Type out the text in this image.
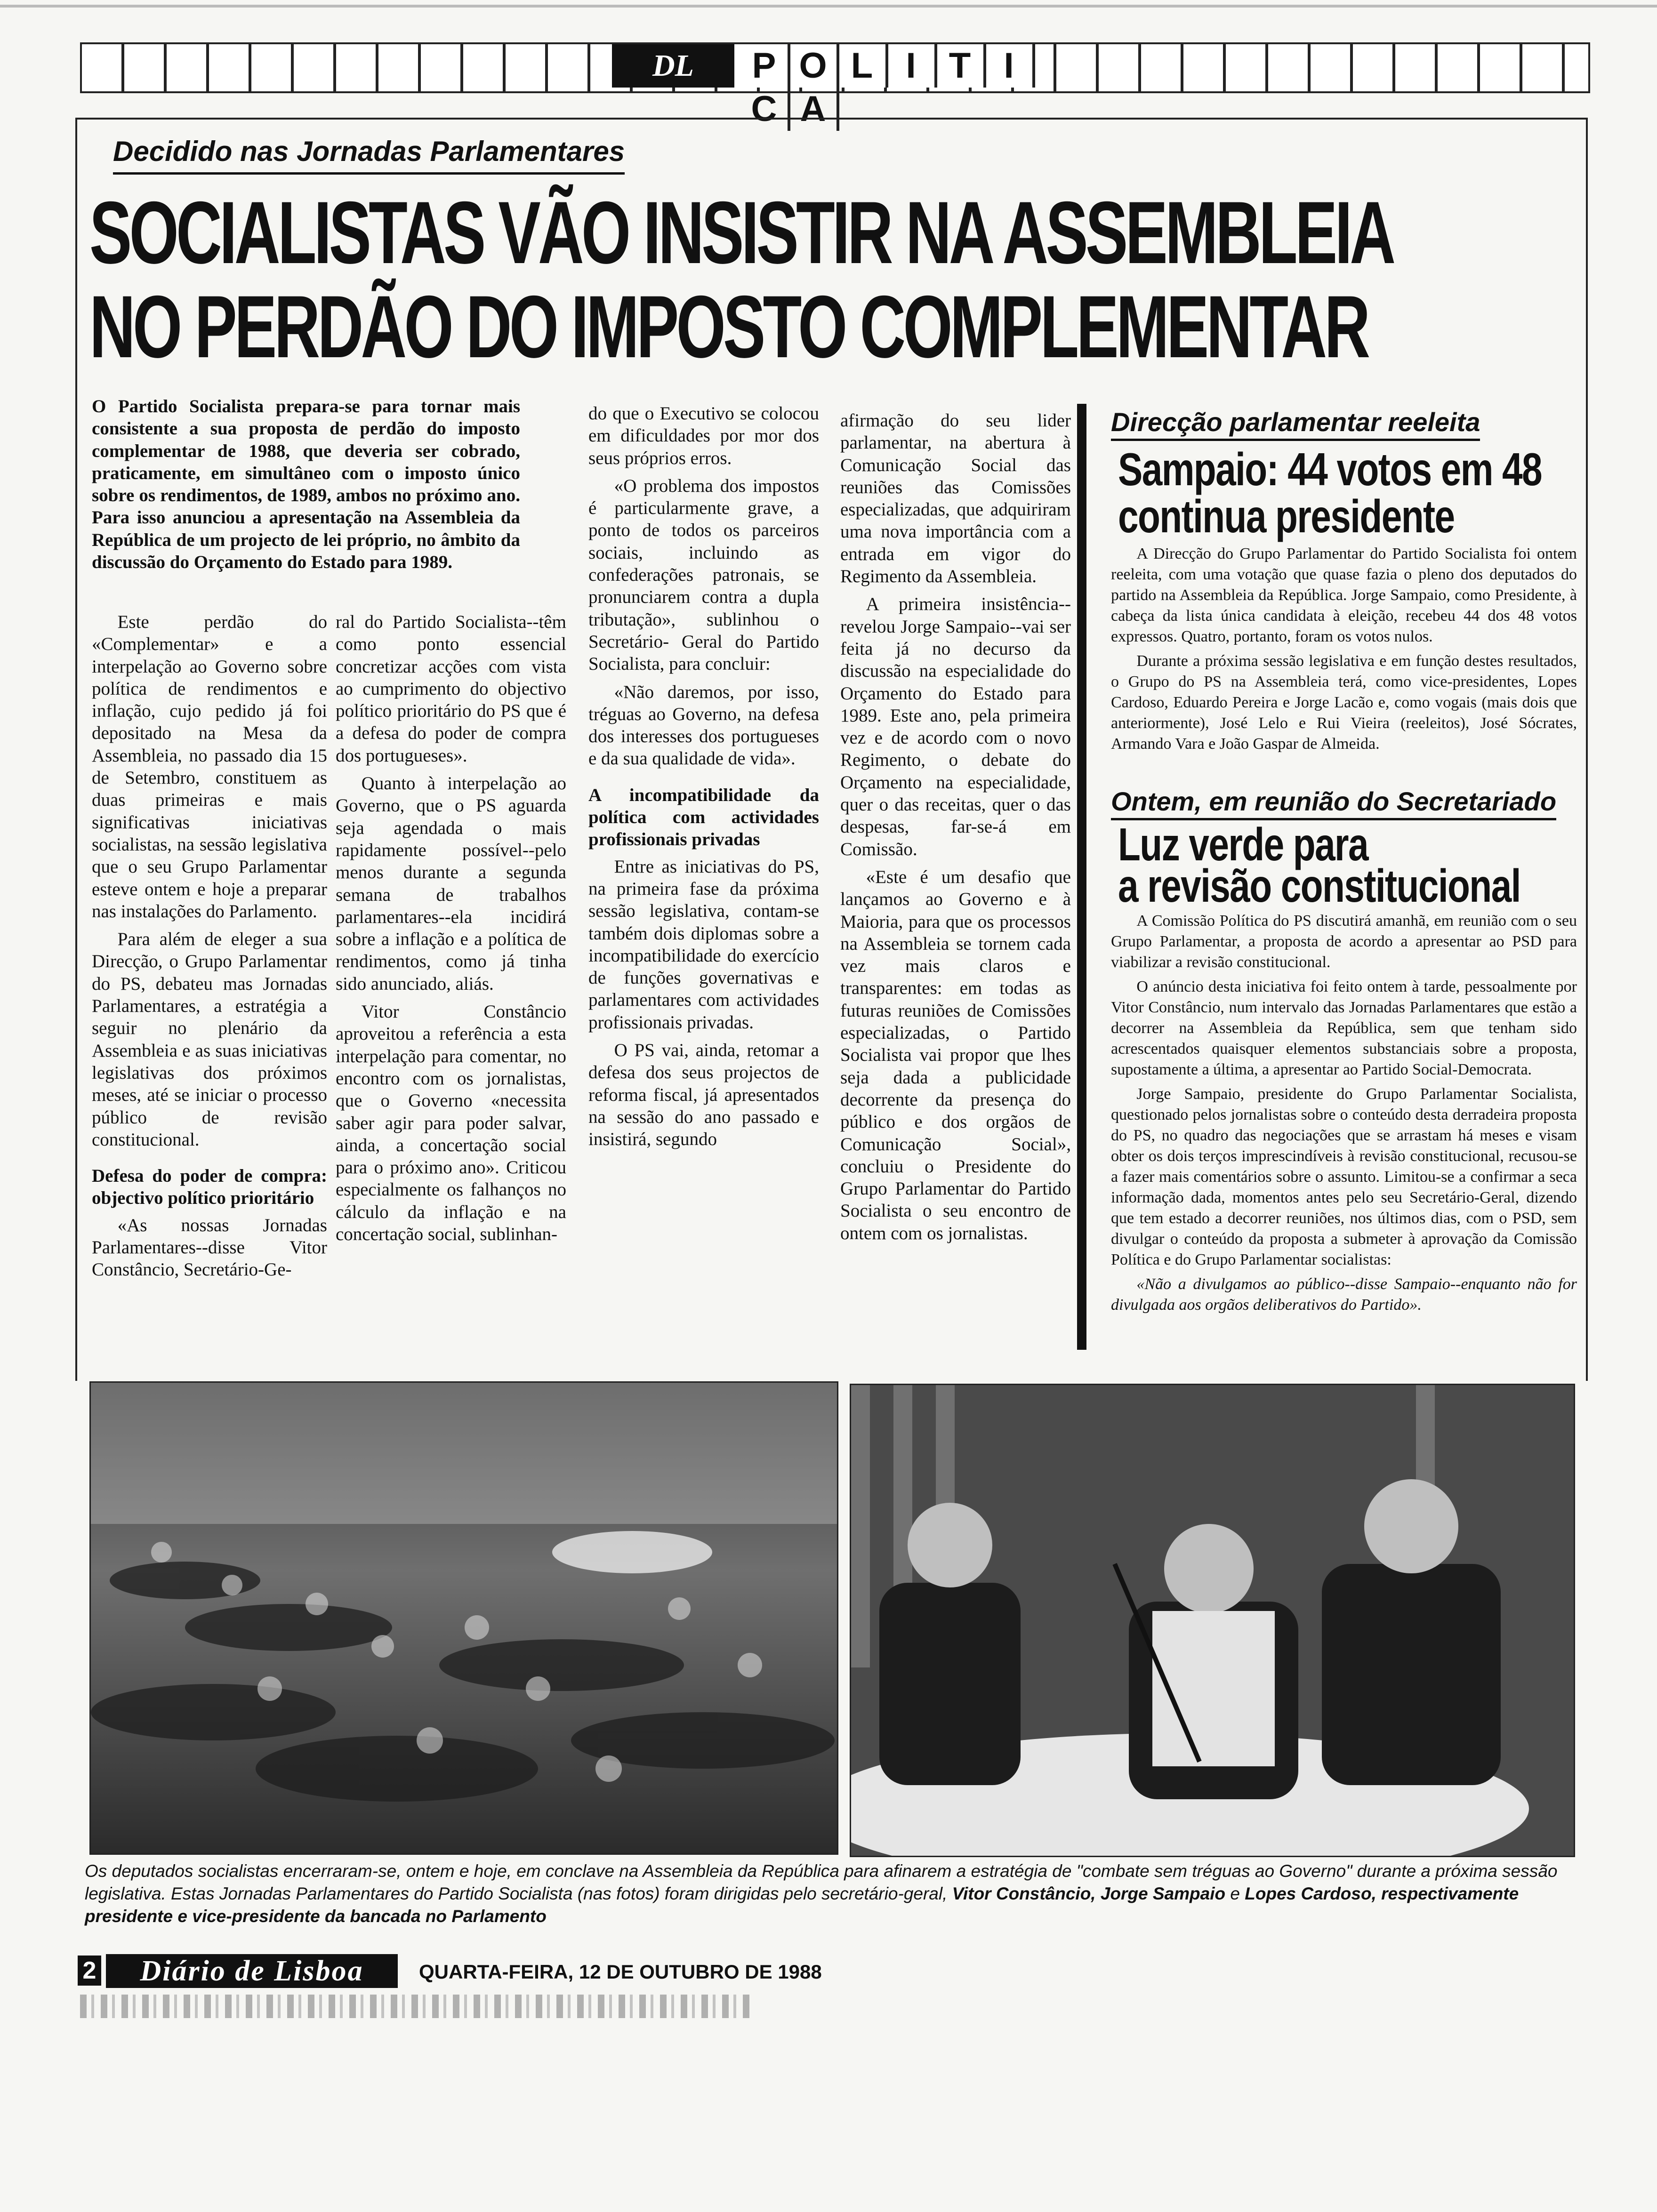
DL	P O L I T IC A
Decidido nas Jornadas Parlamentares
SOCIALISTAS VÃO INSISTIR NA ASSEMBLEIA
NO PERDÃO DO IMPOSTO COMPLEMENTAR

O Partido Socialista prepara-se para tornar mais consistente a sua proposta de perdão do imposto complementar de 1988, que deveria ser cobrado, praticamente, em simultâneo com o imposto único sobre os rendimentos, de 1989, ambos no próximo ano. Para isso anunciou a apresentação na Assembleia da República de um projecto de lei próprio, no âmbito da discussão do Orçamento do Estado para 1989.

Este perdão do «Complementar» e a interpelação ao Governo sobre política de rendimentos e inflação, cujo pedido já foi depositado na Mesa da Assembleia, no passado dia 15 de Setembro, constituem as duas primeiras e mais significativas iniciativas socialistas, na sessão legislativa que o seu Grupo Parlamentar esteve ontem e hoje a preparar nas instalações do Parlamento.

Para além de eleger a sua Direcção, o Grupo Parlamentar do PS, debateu mas Jornadas Parlamentares, a estratégia a seguir no plenário da Assembleia e as suas iniciativas legislativas dos próximos meses, até se iniciar o processo público de revisão constitucional.

Defesa do poder de compra: objectivo político prioritário

«As nossas Jornadas Parlamentares--disse Vitor Constâncio, Secretário-Ge-

ral do Partido Socialista--têm como ponto essencial concretizar acções com vista ao cumprimento do objectivo político prioritário do PS que é a defesa do poder de compra dos portugueses».

Quanto à interpelação ao Governo, que o PS aguarda seja agendada o mais rapidamente possível--pelo menos durante a segunda semana de trabalhos parlamentares--ela incidirá sobre a inflação e a política de rendimentos, como já tinha sido anunciado, aliás.

Vitor Constâncio aproveitou a referência a esta interpelação para comentar, no encontro com os jornalistas, que o Governo «necessita saber agir para poder salvar, ainda, a concertação social para o próximo ano». Criticou especialmente os falhanços no cálculo da inflação e na concertação social, sublinhan-

do que o Executivo se colocou em dificuldades por mor dos seus próprios erros.

«O problema dos impostos é particularmente grave, a ponto de todos os parceiros sociais, incluindo as confederações patronais, se pronunciarem contra a dupla tributação», sublinhou o Secretário- Geral do Partido Socialista, para concluir:

«Não daremos, por isso, tréguas ao Governo, na defesa dos interesses dos portugueses e da sua qualidade de vida».

A incompatibilidade da política com actividades profissionais privadas

Entre as iniciativas do PS, na primeira fase da próxima sessão legislativa, contam-se também dois diplomas sobre a incompatibilidade do exercício de funções governativas e parlamentares com actividades profissionais privadas.

O PS vai, ainda, retomar a defesa dos seus projectos de reforma fiscal, já apresentados na sessão do ano passado e insistirá, segundo

afirmação do seu lider parlamentar, na abertura à Comunicação Social das reuniões das Comissões especializadas, que adquiriram uma nova importância com a entrada em vigor do Regimento da Assembleia.

A primeira insistência--revelou Jorge Sampaio--vai ser feita já no decurso da discussão na especialidade do Orçamento do Estado para 1989. Este ano, pela primeira vez e de acordo com o novo Regimento, o debate do Orçamento na especialidade, quer o das receitas, quer o das despesas, far-se-á em Comissão.

«Este é um desafio que lançamos ao Governo e à Maioria, para que os processos na Assembleia se tornem cada vez mais claros e transparentes: em todas as futuras reuniões de Comissões especializadas, o Partido Socialista vai propor que lhes seja dada a publicidade decorrente da presença do público e dos orgãos de Comunicação Social», concluiu o Presidente do Grupo Parlamentar do Partido Socialista o seu encontro de ontem com os jornalistas.

Direcção parlamentar reeleita
Sampaio: 44 votos em 48
continua presidente

A Direcção do Grupo Parlamentar do Partido Socialista foi ontem reeleita, com uma votação que quase fazia o pleno dos deputados do partido na Assembleia da República. Jorge Sampaio, como Presidente, à cabeça da lista única candidata à eleição, recebeu 44 dos 48 votos expressos. Quatro, portanto, foram os votos nulos.

Durante a próxima sessão legislativa e em função destes resultados, o Grupo do PS na Assembleia terá, como vice-presidentes, Lopes Cardoso, Eduardo Pereira e Jorge Lacão e, como vogais (mais dois que anteriormente), José Lelo e Rui Vieira (reeleitos), José Sócrates, Armando Vara e João Gaspar de Almeida.

Ontem, em reunião do Secretariado
Luz verde para
a revisão constitucional

A Comissão Política do PS discutirá amanhã, em reunião com o seu Grupo Parlamentar, a proposta de acordo a apresentar ao PSD para viabilizar a revisão constitucional.

O anúncio desta iniciativa foi feito ontem à tarde, pessoalmente por Vitor Constâncio, num intervalo das Jornadas Parlamentares que estão a decorrer na Assembleia da República, sem que tenham sido acrescentados quaisquer elementos substanciais sobre a proposta, supostamente a última, a apresentar ao Partido Social-Democrata.

Jorge Sampaio, presidente do Grupo Parlamentar Socialista, questionado pelos jornalistas sobre o conteúdo desta derradeira proposta do PS, no quadro das negociações que se arrastam há meses e visam obter os dois terços imprescindíveis à revisão constitucional, recusou-se a fazer mais comentários sobre o assunto. Limitou-se a confirmar a seca informação dada, momentos antes pelo seu Secretário-Geral, dizendo que tem estado a decorrer reuniões, nos últimos dias, com o PSD, sem divulgar o conteúdo da proposta a submeter à aprovação da Comissão Política e do Grupo Parlamentar socialistas:

«Não a divulgamos ao público--disse Sampaio--enquanto não for divulgada aos orgãos deliberativos do Partido».

Os deputados socialistas encerraram-se, ontem e hoje, em conclave na Assembleia da República para afinarem a estratégia de "combate sem tréguas ao Governo" durante a próxima sessão legislativa. Estas Jornadas Parlamentares do Partido Socialista (nas fotos) foram dirigidas pelo secretário-geral, Vitor Constâncio, Jorge Sampaio e Lopes Cardoso, respectivamente presidente e vice-presidente da bancada no Parlamento
2	Diário de Lisboa	QUARTA-FEIRA, 12 DE OUTUBRO DE 1988
